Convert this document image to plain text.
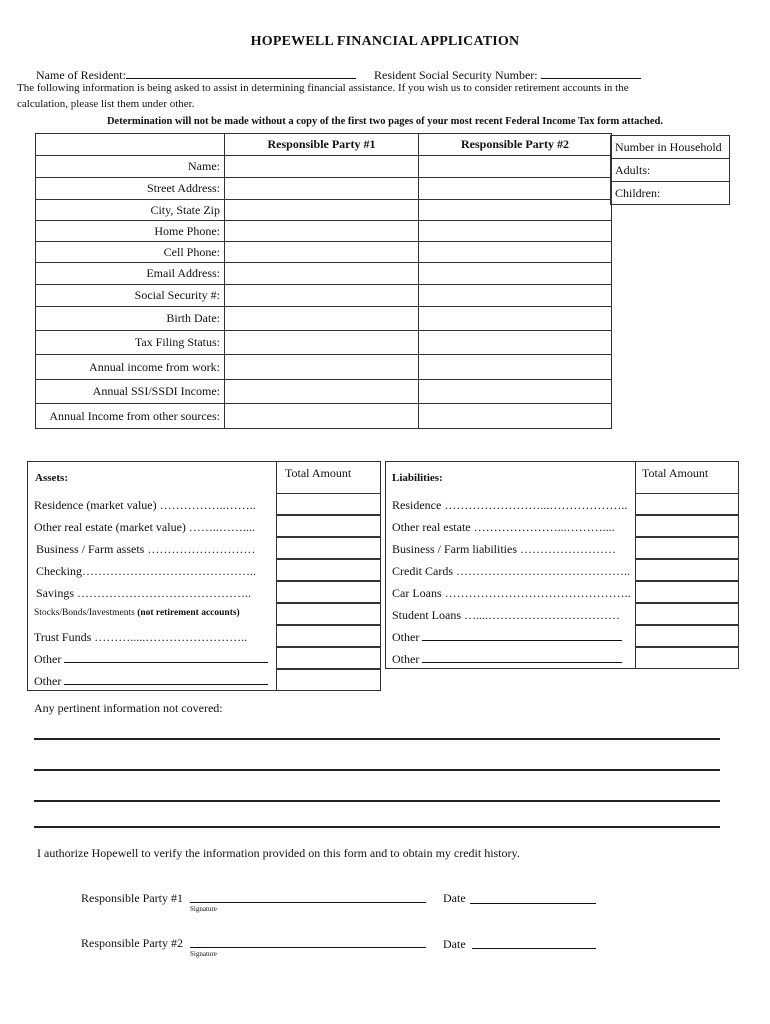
HOPEWELL FINANCIAL APPLICATION
Name of Resident:	Resident Social Security Number:
The following information is being asked to assist in determining financial assistance. If you wish us to consider retirement accounts in the
calculation, please list them under other.
Determination will not be made without a copy of the first two pages of your most recent Federal Income Tax form attached.
	Responsible Party #1	Responsible Party #2
Name:		
Street Address:		
City, State Zip		
Home Phone:		
Cell Phone:		
Email Address:		
Social Security #:		
Birth Date:		
Tax Filing Status:		
Annual income from work:		
Annual SSI/SSDI Income:		
Annual Income from other sources:		
Number in Household
Adults:
Children:
Assets:	Total Amount
Residence (market value) ……………..……..
Other real estate (market value) ……..……....
Business / Farm assets ………………………
Checking……………………………………..
Savings ……………………………………..
Stocks/Bonds/Investments (not retirement accounts)
Trust Funds ……….....……………………..
Other
Other
Liabilities:	Total Amount
Residence ……………………...………………..
Other real estate …………………...………....
Business / Farm liabilities ……………………
Credit Cards ……………………………………..
Car Loans ………………………………………..
Student Loans …....……………………………
Other
Other
Any pertinent information not covered:
I authorize Hopewell to verify the information provided on this form and to obtain my credit history.
Responsible Party #1
Signature
Date
Responsible Party #2
Signature
Date
